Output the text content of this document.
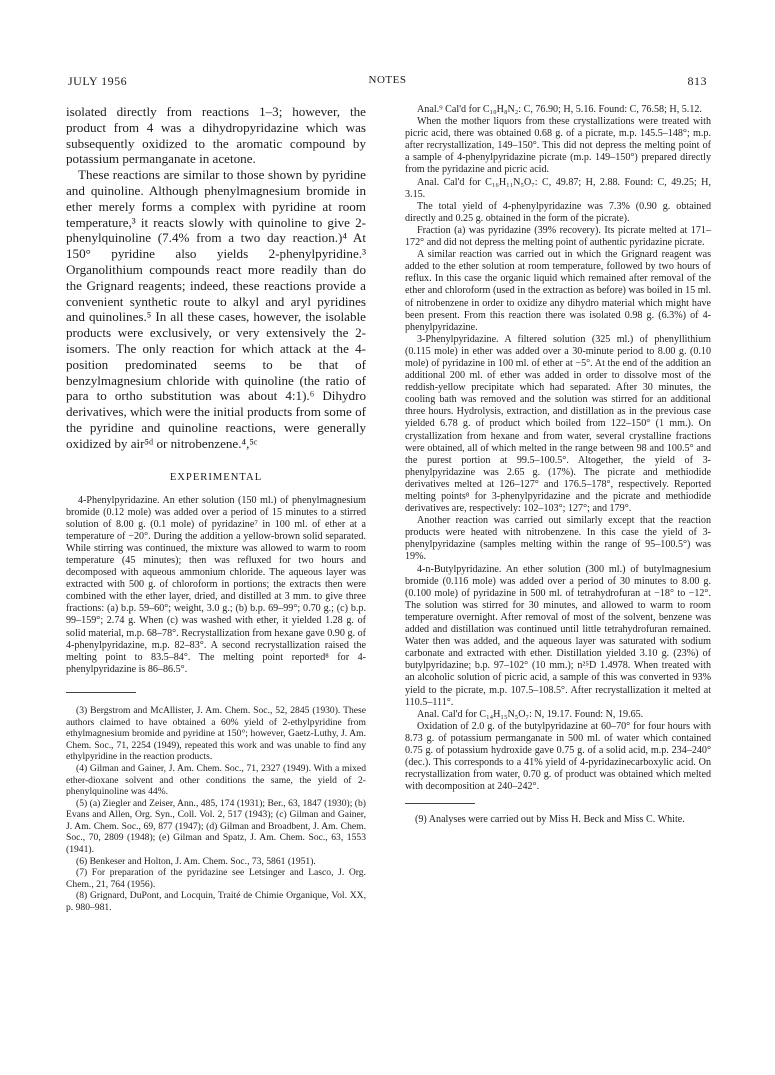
JULY 1956	NOTES	813

isolated directly from reactions 1–3; however, the product from 4 was a dihydropyridazine which was subsequently oxidized to the aromatic compound by potassium permanganate in acetone.

These reactions are similar to those shown by pyridine and quinoline. Although phenylmagnesium bromide in ether merely forms a complex with pyridine at room temperature,³ it reacts slowly with quinoline to give 2-phenylquinoline (7.4% from a two day reaction.)⁴ At 150° pyridine also yields 2-phenylpyridine.³ Organolithium compounds react more readily than do the Grignard reagents; indeed, these reactions provide a convenient synthetic route to alkyl and aryl pyridines and quinolines.⁵ In all these cases, however, the isolable products were exclusively, or very extensively the 2-isomers. The only reaction for which attack at the 4-position predominated seems to be that of benzylmagnesium chloride with quinoline (the ratio of para to ortho substitution was about 4:1).⁶ Dihydro derivatives, which were the initial products from some of the pyridine and quinoline reactions, were generally oxidized by air⁵ᵈ or nitrobenzene.⁴,⁵ᶜ

EXPERIMENTAL

4-Phenylpyridazine. An ether solution (150 ml.) of phenylmagnesium bromide (0.12 mole) was added over a period of 15 minutes to a stirred solution of 8.00 g. (0.1 mole) of pyridazine⁷ in 100 ml. of ether at a temperature of −20°. During the addition a yellow-brown solid separated. While stirring was continued, the mixture was allowed to warm to room temperature (45 minutes); then was refluxed for two hours and decomposed with aqueous ammonium chloride. The aqueous layer was extracted with 500 g. of chloroform in portions; the extracts then were combined with the ether layer, dried, and distilled at 3 mm. to give three fractions: (a) b.p. 59–60°; weight, 3.0 g.; (b) b.p. 69–99°; 0.70 g.; (c) b.p. 99–159°; 2.74 g. When (c) was washed with ether, it yielded 1.28 g. of solid material, m.p. 68–78°. Recrystallization from hexane gave 0.90 g. of 4-phenylpyridazine, m.p. 82–83°. A second recrystallization raised the melting point to 83.5–84°. The melting point reported⁸ for 4-phenylpyridazine is 86–86.5°.

(3) Bergstrom and McAllister, J. Am. Chem. Soc., 52, 2845 (1930). These authors claimed to have obtained a 60% yield of 2-ethylpyridine from ethylmagnesium bromide and pyridine at 150°; however, Gaetz-Luthy, J. Am. Chem. Soc., 71, 2254 (1949), repeated this work and was unable to find any ethylpyridine in the reaction products.

(4) Gilman and Gainer, J. Am. Chem. Soc., 71, 2327 (1949). With a mixed ether-dioxane solvent and other conditions the same, the yield of 2-phenylquinoline was 44%.

(5) (a) Ziegler and Zeiser, Ann., 485, 174 (1931); Ber., 63, 1847 (1930); (b) Evans and Allen, Org. Syn., Coll. Vol. 2, 517 (1943); (c) Gilman and Gainer, J. Am. Chem. Soc., 69, 877 (1947); (d) Gilman and Broadbent, J. Am. Chem. Soc., 70, 2809 (1948); (e) Gilman and Spatz, J. Am. Chem. Soc., 63, 1553 (1941).

(6) Benkeser and Holton, J. Am. Chem. Soc., 73, 5861 (1951).

(7) For preparation of the pyridazine see Letsinger and Lasco, J. Org. Chem., 21, 764 (1956).

(8) Grignard, DuPont, and Locquin, Traité de Chimie Organique, Vol. XX, p. 980–981.

Anal.⁹ Cal'd for C₁₀H₈N₂: C, 76.90; H, 5.16. Found: C, 76.58; H, 5.12.

When the mother liquors from these crystallizations were treated with picric acid, there was obtained 0.68 g. of a picrate, m.p. 145.5–148°; m.p. after recrystallization, 149–150°. This did not depress the melting point of a sample of 4-phenylpyridazine picrate (m.p. 149–150°) prepared directly from the pyridazine and picric acid.

Anal. Cal'd for C₁₆H₁₁N₅O₇: C, 49.87; H, 2.88. Found: C, 49.25; H, 3.15.

The total yield of 4-phenylpyridazine was 7.3% (0.90 g. obtained directly and 0.25 g. obtained in the form of the picrate).

Fraction (a) was pyridazine (39% recovery). Its picrate melted at 171–172° and did not depress the melting point of authentic pyridazine picrate.

A similar reaction was carried out in which the Grignard reagent was added to the ether solution at room temperature, followed by two hours of reflux. In this case the organic liquid which remained after removal of the ether and chloroform (used in the extraction as before) was boiled in 15 ml. of nitrobenzene in order to oxidize any dihydro material which might have been present. From this reaction there was isolated 0.98 g. (6.3%) of 4-phenylpyridazine.

3-Phenylpyridazine. A filtered solution (325 ml.) of phenyllithium (0.115 mole) in ether was added over a 30-minute period to 8.00 g. (0.10 mole) of pyridazine in 100 ml. of ether at −5°. At the end of the addition an additional 200 ml. of ether was added in order to dissolve most of the reddish-yellow precipitate which had separated. After 30 minutes, the cooling bath was removed and the solution was stirred for an additional three hours. Hydrolysis, extraction, and distillation as in the previous case yielded 6.78 g. of product which boiled from 122–150° (1 mm.). On crystallization from hexane and from water, several crystalline fractions were obtained, all of which melted in the range between 98 and 100.5° and the purest portion at 99.5–100.5°. Altogether, the yield of 3-phenylpyridazine was 2.65 g. (17%). The picrate and methiodide derivatives melted at 126–127° and 176.5–178°, respectively. Reported melting points⁸ for 3-phenylpyridazine and the picrate and methiodide derivatives are, respectively: 102–103°; 127°; and 179°.

Another reaction was carried out similarly except that the reaction products were heated with nitrobenzene. In this case the yield of 3-phenylpyridazine (samples melting within the range of 95–100.5°) was 19%.

4-n-Butylpyridazine. An ether solution (300 ml.) of butylmagnesium bromide (0.116 mole) was added over a period of 30 minutes to 8.00 g. (0.100 mole) of pyridazine in 500 ml. of tetrahydrofuran at −18° to −12°. The solution was stirred for 30 minutes, and allowed to warm to room temperature overnight. After removal of most of the solvent, benzene was added and distillation was continued until little tetrahydrofuran remained. Water then was added, and the aqueous layer was saturated with sodium carbonate and extracted with ether. Distillation yielded 3.10 g. (23%) of butylpyridazine; b.p. 97–102° (10 mm.); n²⁵D 1.4978. When treated with an alcoholic solution of picric acid, a sample of this was converted in 93% yield to the picrate, m.p. 107.5–108.5°. After recrystallization it melted at 110.5–111°.

Anal. Cal'd for C₁₄H₁₅N₅O₇: N, 19.17. Found: N, 19.65.

Oxidation of 2.0 g. of the butylpyridazine at 60–70° for four hours with 8.73 g. of potassium permanganate in 500 ml. of water which contained 0.75 g. of potassium hydroxide gave 0.75 g. of a solid acid, m.p. 234–240° (dec.). This corresponds to a 41% yield of 4-pyridazinecarboxylic acid. On recrystallization from water, 0.70 g. of product was obtained which melted with decomposition at 240–242°.

(9) Analyses were carried out by Miss H. Beck and Miss C. White.
